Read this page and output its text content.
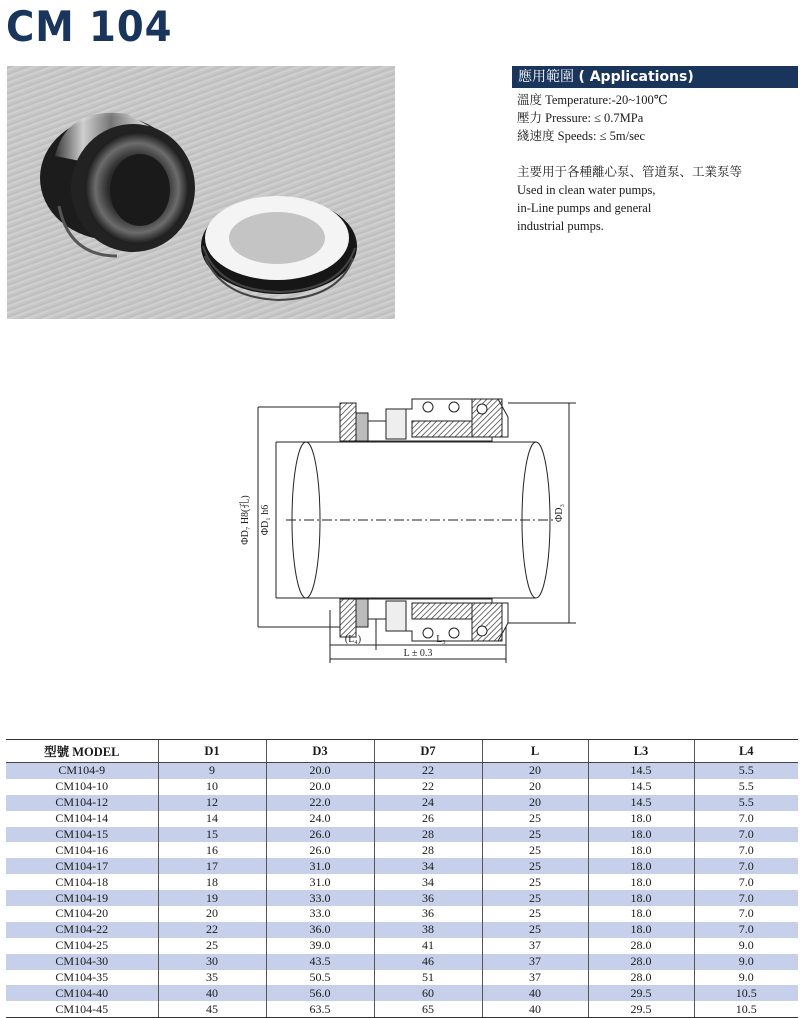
CM 104
應用範圍 ( Applications)
溫度 Temperature:-20~100℃
壓力 Pressure: ≤ 0.7MPa
綫速度 Speeds: ≤ 5m/sec
主要用于各種離心泵、管道泵、工業泵等
Used in clean water pumps,
in-Line pumps and general
industrial pumps.
ΦD₇ H8(孔) ΦD₁ h6	ΦD₃
(L₄)	L₃
L ± 0.3
型號 MODEL	D1	D3	D7	L	L3	L4
CM104-9	9	20.0	22	20	14.5	5.5
CM104-10	10	20.0	22	20	14.5	5.5
CM104-12	12	22.0	24	20	14.5	5.5
CM104-14	14	24.0	26	25	18.0	7.0
CM104-15	15	26.0	28	25	18.0	7.0
CM104-16	16	26.0	28	25	18.0	7.0
CM104-17	17	31.0	34	25	18.0	7.0
CM104-18	18	31.0	34	25	18.0	7.0
CM104-19	19	33.0	36	25	18.0	7.0
CM104-20	20	33.0	36	25	18.0	7.0
CM104-22	22	36.0	38	25	18.0	7.0
CM104-25	25	39.0	41	37	28.0	9.0
CM104-30	30	43.5	46	37	28.0	9.0
CM104-35	35	50.5	51	37	28.0	9.0
CM104-40	40	56.0	60	40	29.5	10.5
CM104-45	45	63.5	65	40	29.5	10.5
